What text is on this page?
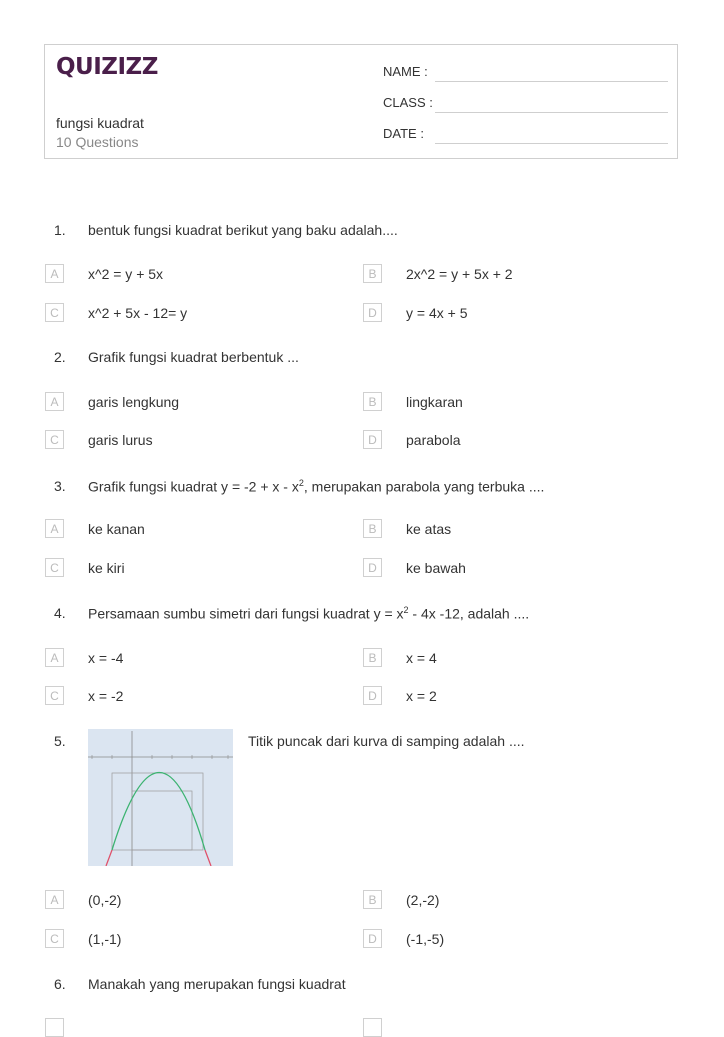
QUIZIZZ
fungsi kuadrat
10 Questions
NAME :
CLASS :
DATE :
1. bentuk fungsi kuadrat berikut yang baku adalah....
A	x^2 = y + 5x	B	2x^2 = y + 5x + 2
C	x^2 + 5x - 12= y	D	y = 4x + 5
2. Grafik fungsi kuadrat berbentuk ...
A	garis lengkung	B	lingkaran
C	garis lurus	D	parabola
3. Grafik fungsi kuadrat $y = -2 + x - x^2$, merupakan parabola yang terbuka ....
A	ke kanan	B	ke atas
C	ke kiri	D	ke bawah
4. Persamaan sumbu simetri dari fungsi kuadrat $y = x^2 - 4x$ -12, adalah ....
A	x = -4	B	x = 4
C	x = -2	D	x = 2
5.	Titik puncak dari kurva di samping adalah ....
A	(0,-2)	B	(2,-2)
C	(1,-1)	D	(-1,-5)
6. Manakah yang merupakan fungsi kuadrat
